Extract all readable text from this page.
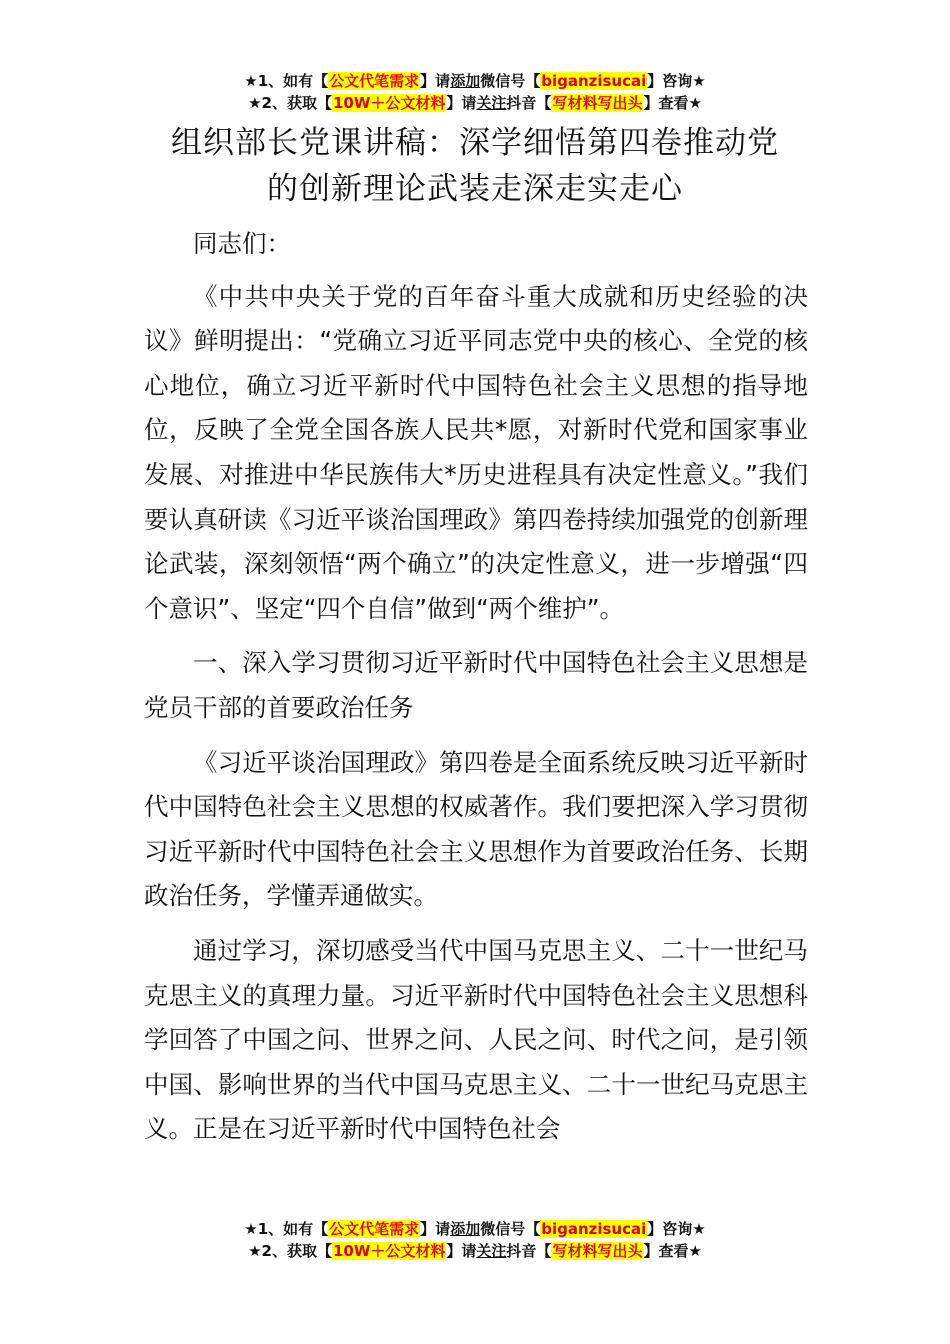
★1、如有【公文代笔需求】请添加微信号【biganzisucai】咨询★
★2、获取【10W＋公文材料】请关注抖音【写材料写出头】查看★
组织部长党课讲稿：深学细悟第四卷推动党
的创新理论武装走深走实走心

同志们：

《中共中央关于党的百年奋斗重大成就和历史经验的决议》鲜明提出：“党确立习近平同志党中央的核心、全党的核心地位，确立习近平新时代中国特色社会主义思想的指导地位，反映了全党全国各族人民共*愿，对新时代党和国家事业发展、对推进中华民族伟大*历史进程具有决定性意义。”我们要认真研读《习近平谈治国理政》第四卷持续加强党的创新理论武装，深刻领悟“两个确立”的决定性意义，进一步增强“四个意识”、坚定“四个自信”做到“两个维护”。

一、深入学习贯彻习近平新时代中国特色社会主义思想是党员干部的首要政治任务

《习近平谈治国理政》第四卷是全面系统反映习近平新时代中国特色社会主义思想的权威著作。我们要把深入学习贯彻习近平新时代中国特色社会主义思想作为首要政治任务、长期政治任务，学懂弄通做实。

通过学习，深切感受当代中国马克思主义、二十一世纪马克思主义的真理力量。习近平新时代中国特色社会主义思想科学回答了中国之问、世界之问、人民之问、时代之问，是引领中国、影响世界的当代中国马克思主义、二十一世纪马克思主义。正是在习近平新时代中国特色社会

★1、如有【公文代笔需求】请添加微信号【biganzisucai】咨询★
★2、获取【10W＋公文材料】请关注抖音【写材料写出头】查看★
